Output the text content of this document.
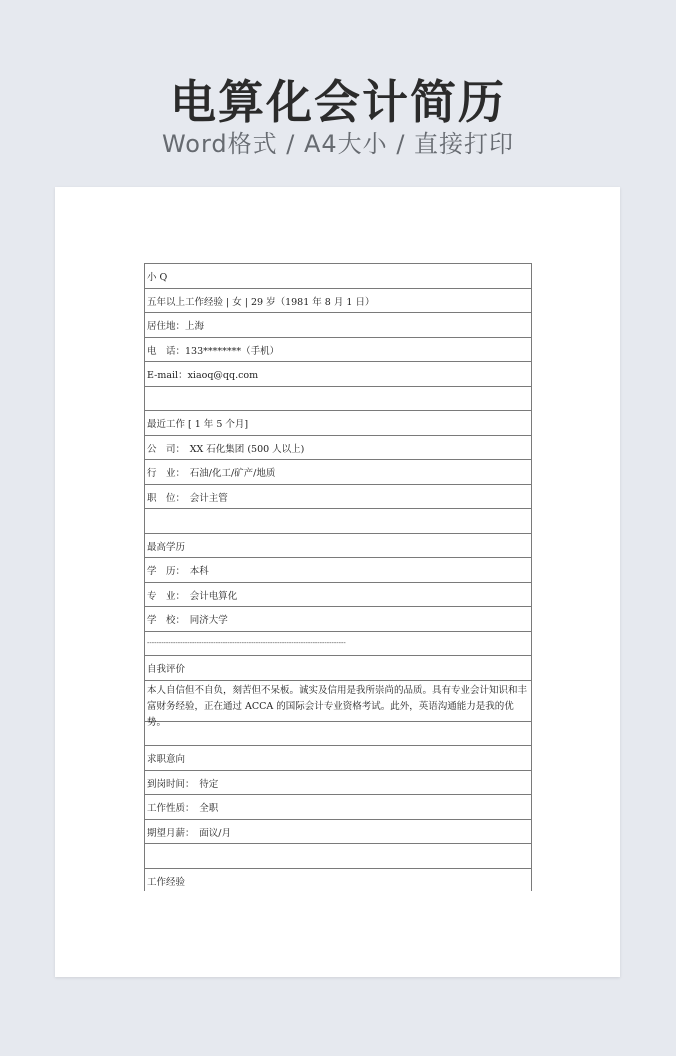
电算化会计简历
Word格式 / A4大小 / 直接打印
小 Q
五年以上工作经验 | 女 | 29 岁（1981 年 8 月 1 日）
居住地：上海
电　话：133********（手机）
E-mail：xiaoq@qq.com
最近工作 [ 1 年 5 个月]
公　司：　XX 石化集团 (500 人以上)
行　业：　石油/化工/矿产/地质
职　位：　会计主管
最高学历
学　历：　本科
专　业：　会计电算化
学　校：　同济大学
------------------------------------------------------------------------------------
自我评价
本人自信但不自负，刻苦但不呆板。诚实及信用是我所崇尚的品质。具有专业会计知识和丰富财务经验，正在通过 ACCA 的国际会计专业资格考试。此外，英语沟通能力是我的优势。
求职意向
到岗时间：　待定
工作性质：　全职
期望月薪：　面议/月
工作经验
